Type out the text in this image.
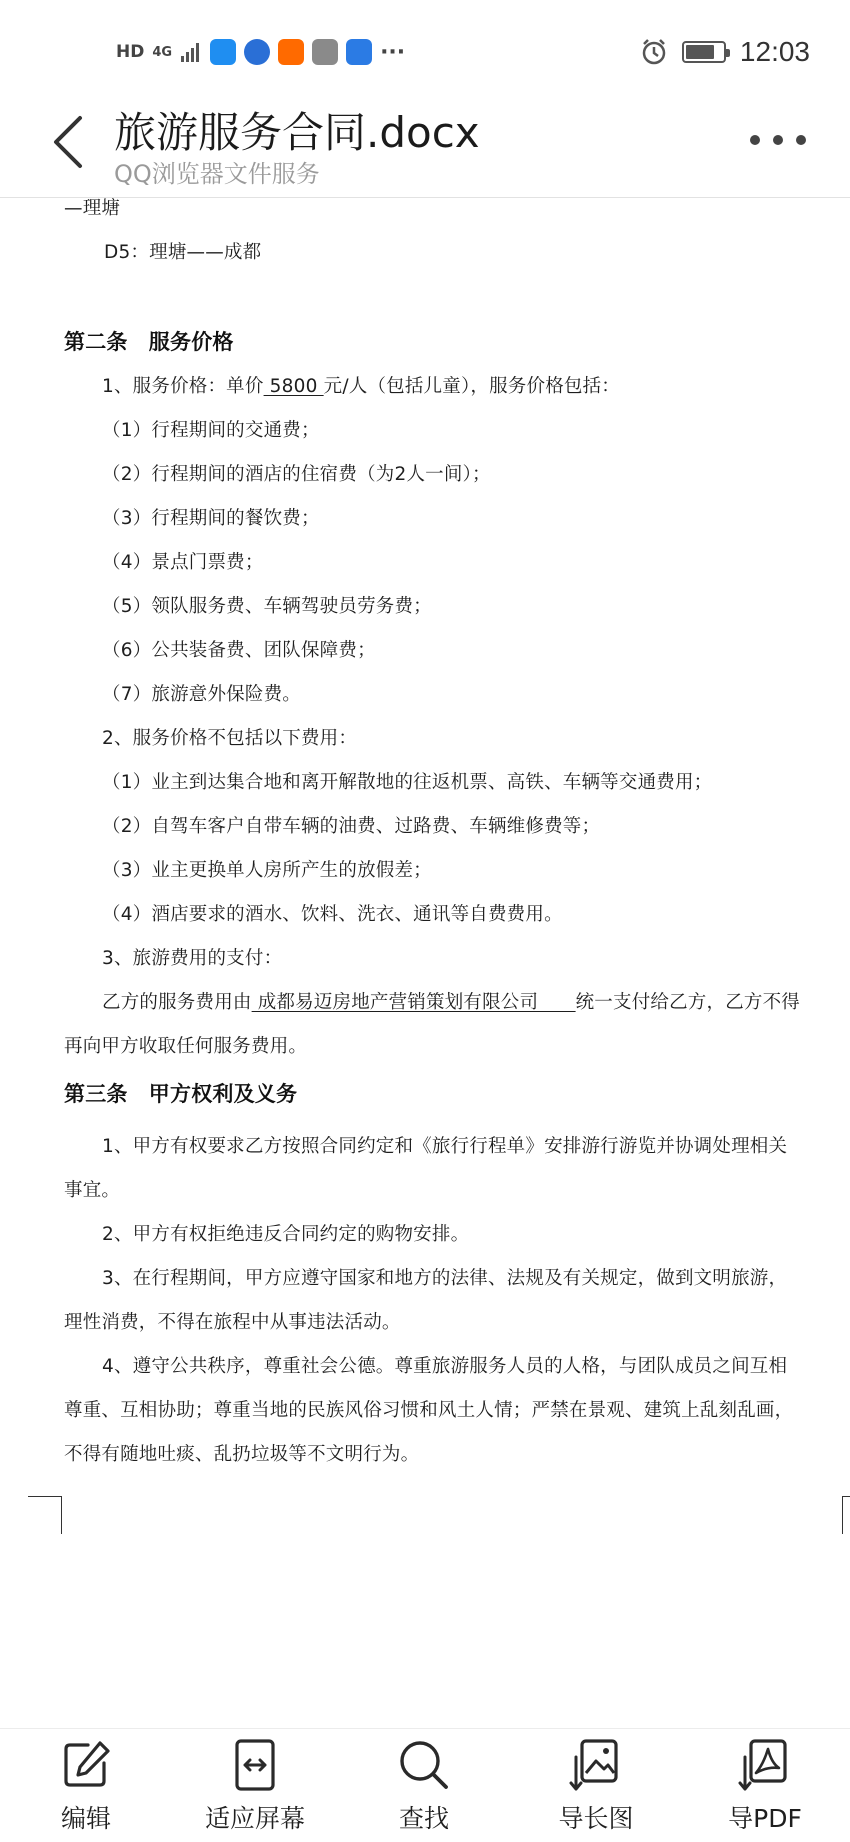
HD 4G	···	12:03
旅游服务合同.docx
QQ浏览器文件服务
—理塘
D5：理塘——成都
第二条　服务价格
1、服务价格：单价 5800 元/人（包括儿童），服务价格包括：
（1）行程期间的交通费；
（2）行程期间的酒店的住宿费（为2人一间）；
（3）行程期间的餐饮费；
（4）景点门票费；
（5）领队服务费、车辆驾驶员劳务费；
（6）公共装备费、团队保障费；
（7）旅游意外保险费。
2、服务价格不包括以下费用：
（1）业主到达集合地和离开解散地的往返机票、高铁、车辆等交通费用；
（2）自驾车客户自带车辆的油费、过路费、车辆维修费等；
（3）业主更换单人房所产生的放假差；
（4）酒店要求的酒水、饮料、洗衣、通讯等自费费用。
3、旅游费用的支付：
乙方的服务费用由 成都易迈房地产营销策划有限公司　　统一支付给乙方，乙方不得
再向甲方收取任何服务费用。
第三条　甲方权利及义务
1、甲方有权要求乙方按照合同约定和《旅行行程单》安排游行游览并协调处理相关
事宜。
2、甲方有权拒绝违反合同约定的购物安排。
3、在行程期间，甲方应遵守国家和地方的法律、法规及有关规定，做到文明旅游，
理性消费，不得在旅程中从事违法活动。
4、遵守公共秩序，尊重社会公德。尊重旅游服务人员的人格，与团队成员之间互相
尊重、互相协助；尊重当地的民族风俗习惯和风土人情；严禁在景观、建筑上乱刻乱画，
不得有随地吐痰、乱扔垃圾等不文明行为。
编辑	适应屏幕	查找	导长图	导PDF
